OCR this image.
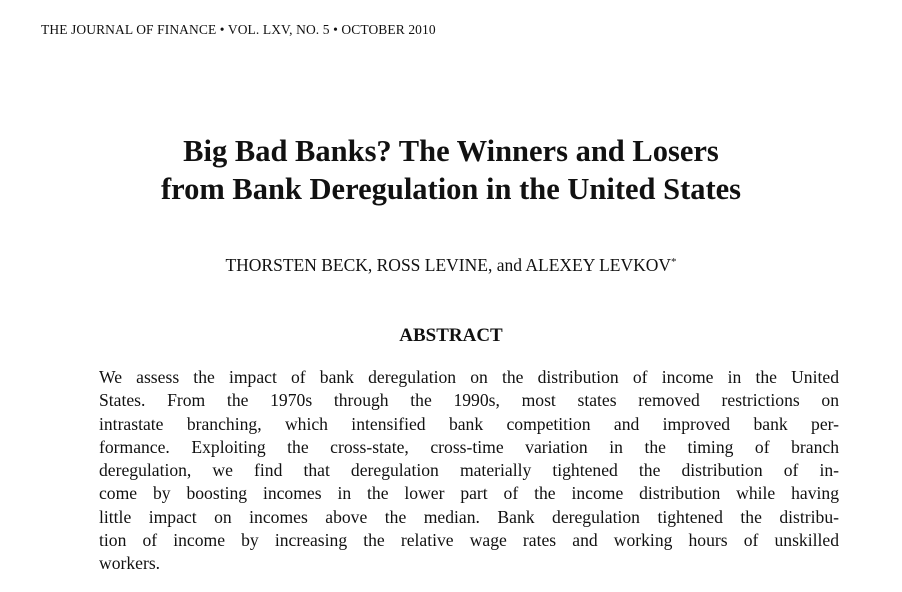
THE JOURNAL OF FINANCE • VOL. LXV, NO. 5 • OCTOBER 2010
Big Bad Banks? The Winners and Losers
from Bank Deregulation in the United States
THORSTEN BECK, ROSS LEVINE, and ALEXEY LEVKOV*
ABSTRACT
We assess the impact of bank deregulation on the distribution of income in the United
States. From the 1970s through the 1990s, most states removed restrictions on
intrastate branching, which intensified bank competition and improved bank per-
formance. Exploiting the cross-state, cross-time variation in the timing of branch
deregulation, we find that deregulation materially tightened the distribution of in-
come by boosting incomes in the lower part of the income distribution while having
little impact on incomes above the median. Bank deregulation tightened the distribu-
tion of income by increasing the relative wage rates and working hours of unskilled
workers.
